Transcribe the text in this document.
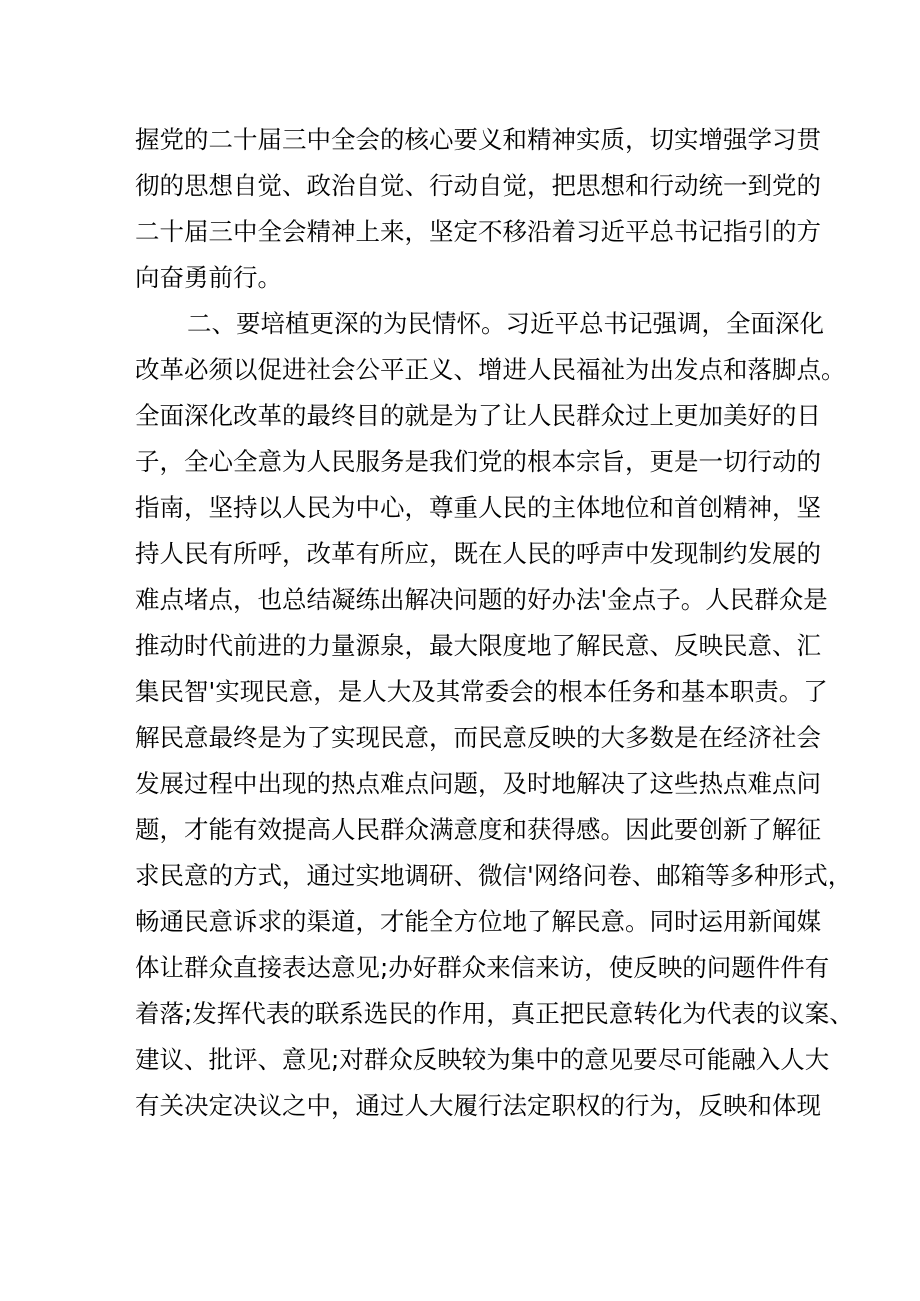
握党的二十届三中全会的核心要义和精神实质，切实增强学习贯

彻的思想自觉、政治自觉、行动自觉，把思想和行动统一到党的

二十届三中全会精神上来，坚定不移沿着习近平总书记指引的方

向奋勇前行。

二、要培植更深的为民情怀。习近平总书记强调，全面深化

改革必须以促进社会公平正义、增进人民福祉为出发点和落脚点。

全面深化改革的最终目的就是为了让人民群众过上更加美好的日

子，全心全意为人民服务是我们党的根本宗旨，更是一切行动的

指南，坚持以人民为中心，尊重人民的主体地位和首创精神，坚

持人民有所呼，改革有所应，既在人民的呼声中发现制约发展的

难点堵点，也总结凝练出解决问题的好办法'金点子。人民群众是

推动时代前进的力量源泉，最大限度地了解民意、反映民意、汇

集民智'实现民意，是人大及其常委会的根本任务和基本职责。了

解民意最终是为了实现民意，而民意反映的大多数是在经济社会

发展过程中出现的热点难点问题，及时地解决了这些热点难点问

题，才能有效提高人民群众满意度和获得感。因此要创新了解征

求民意的方式，通过实地调研、微信'网络问卷、邮箱等多种形式，

畅通民意诉求的渠道，才能全方位地了解民意。同时运用新闻媒

体让群众直接表达意见;办好群众来信来访，使反映的问题件件有

着落;发挥代表的联系选民的作用，真正把民意转化为代表的议案、

建议、批评、意见;对群众反映较为集中的意见要尽可能融入人大

有关决定决议之中，通过人大履行法定职权的行为，反映和体现
